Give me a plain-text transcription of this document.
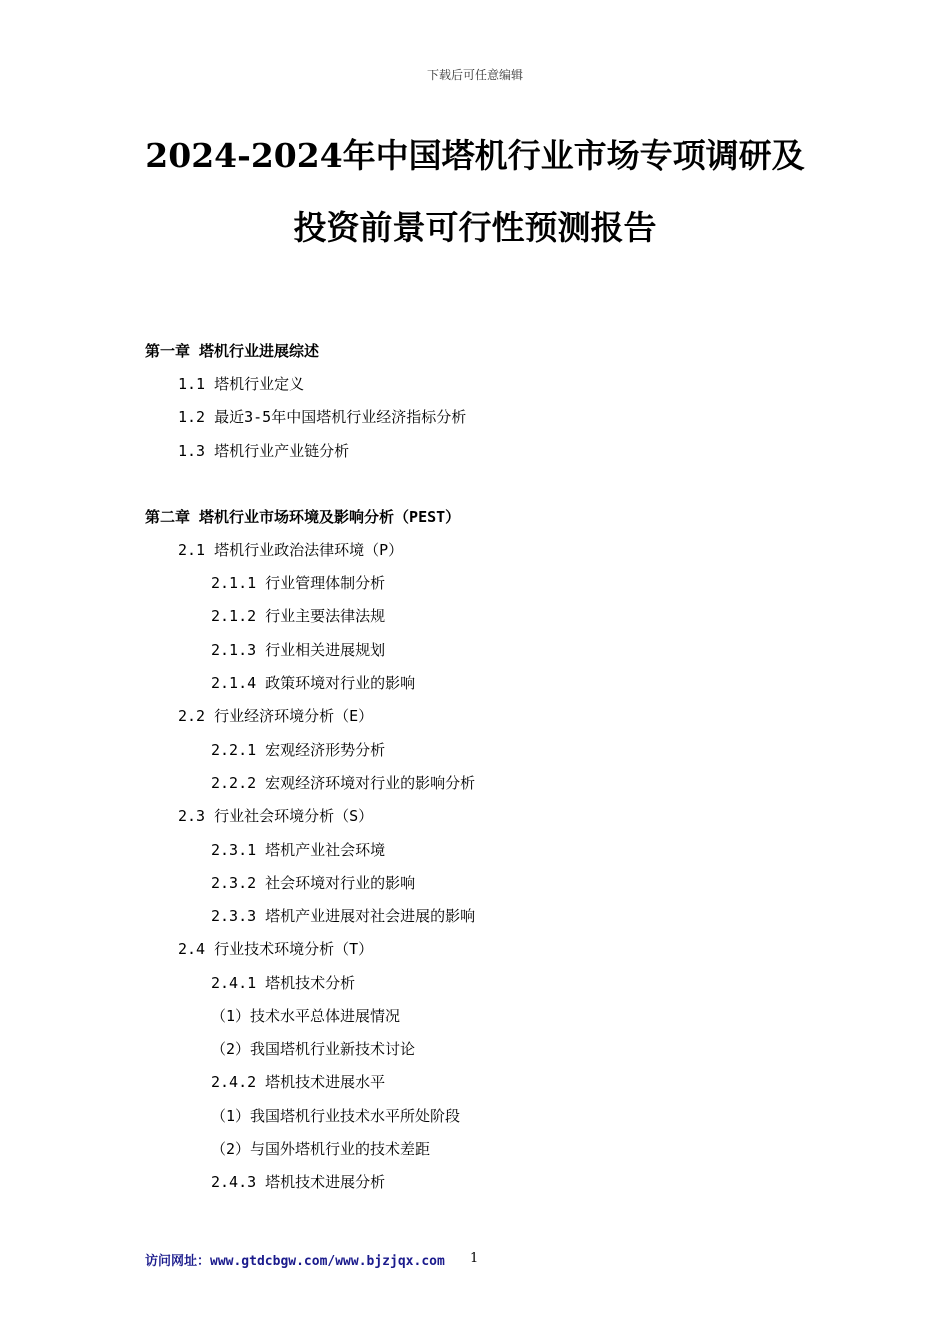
下载后可任意编辑
2024-2024年中国塔机行业市场专项调研及
投资前景可行性预测报告
第一章 塔机行业进展综述
1.1 塔机行业定义
1.2 最近3-5年中国塔机行业经济指标分析
1.3 塔机行业产业链分析
第二章 塔机行业市场环境及影响分析（PEST）
2.1 塔机行业政治法律环境（P）
2.1.1 行业管理体制分析
2.1.2 行业主要法律法规
2.1.3 行业相关进展规划
2.1.4 政策环境对行业的影响
2.2 行业经济环境分析（E）
2.2.1 宏观经济形势分析
2.2.2 宏观经济环境对行业的影响分析
2.3 行业社会环境分析（S）
2.3.1 塔机产业社会环境
2.3.2 社会环境对行业的影响
2.3.3 塔机产业进展对社会进展的影响
2.4 行业技术环境分析（T）
2.4.1 塔机技术分析
（1）技术水平总体进展情况
（2）我国塔机行业新技术讨论
2.4.2 塔机技术进展水平
（1）我国塔机行业技术水平所处阶段
（2）与国外塔机行业的技术差距
2.4.3 塔机技术进展分析
访问网址：www.gtdcbgw.com/www.bjzjqx.com 1
